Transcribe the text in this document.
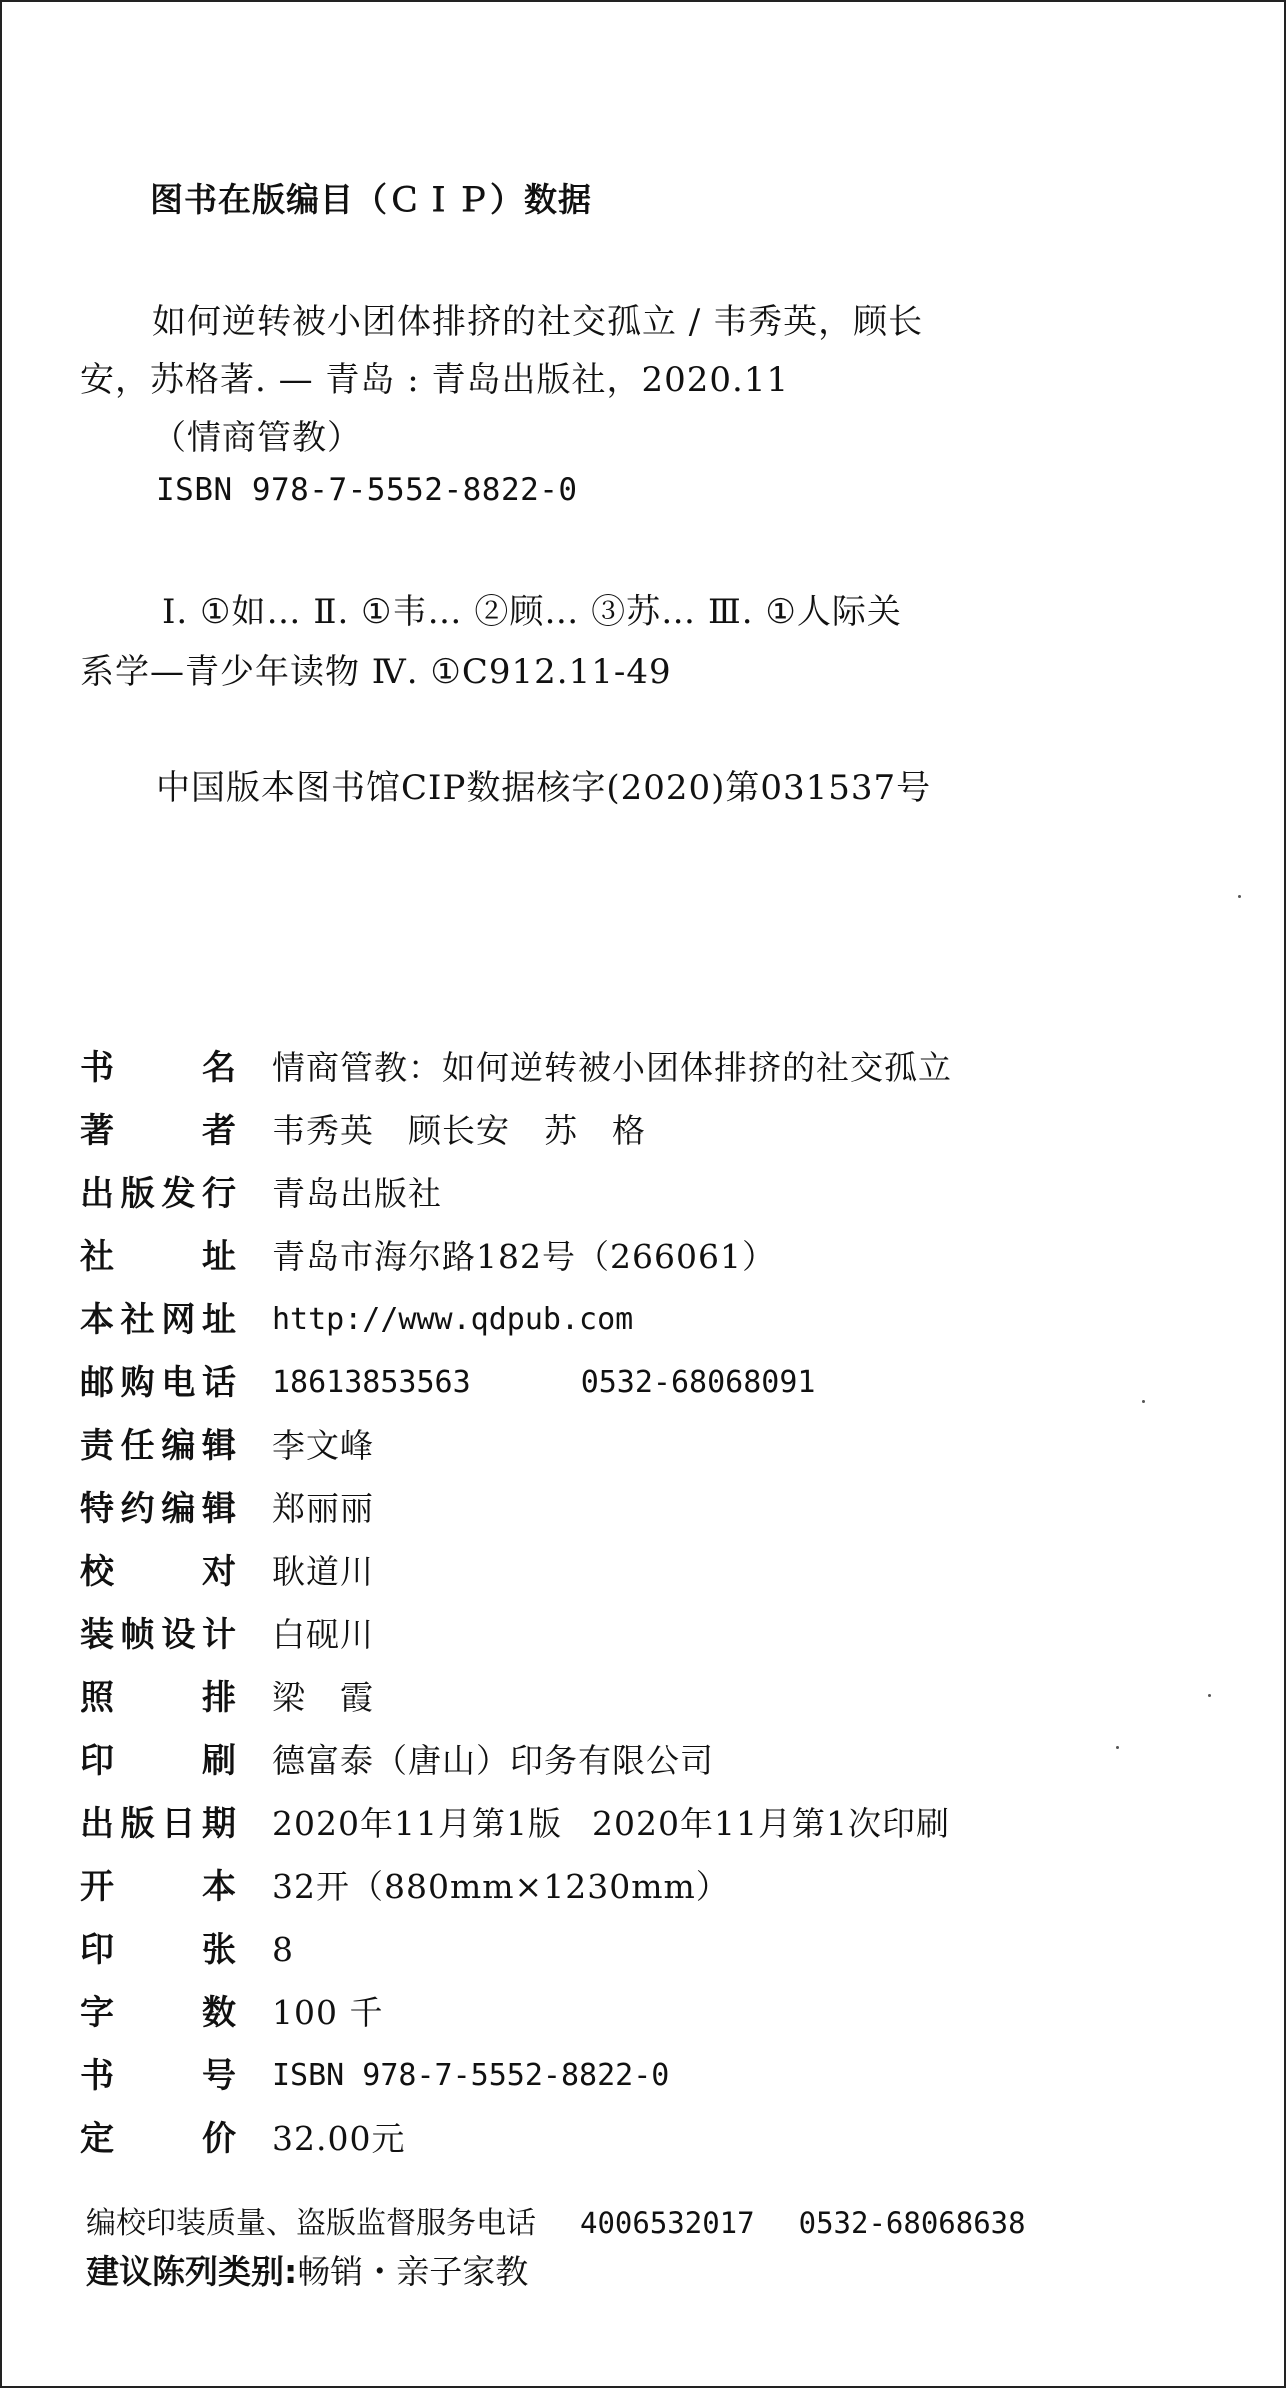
图书在版编目（ＣＩＰ）数据
如何逆转被小团体排挤的社交孤立 / 韦秀英，顾长
安，苏格著. — 青岛 : 青岛出版社，2020.11
（情商管教）
ISBN 978-7-5552-8822-0
Ⅰ. ①如… Ⅱ. ①韦… ②顾… ③苏… Ⅲ. ①人际关
系学—青少年读物 Ⅳ. ①C912.11-49
中国版本图书馆CIP数据核字(2020)第031537号
书名 情商管教：如何逆转被小团体排挤的社交孤立
著者 韦秀英　顾长安　苏　格
出版发行 青岛出版社
社址 青岛市海尔路182号（266061）
本社网址 http://www.qdpub.com
邮购电话 18613853563	0532-68068091
责任编辑 李文峰
特约编辑 郑丽丽
校对 耿道川
装帧设计 白砚川
照排 梁　霞
印刷 德富泰（唐山）印务有限公司
出版日期 2020年11月第1版 2020年11月第1次印刷
开本 32开（880mm×1230mm）
印张 8
字数 100 千
书号 ISBN 978-7-5552-8822-0
定价 32.00元
编校印装质量、盗版监督服务电话 4006532017 0532-68068638
建议陈列类别:畅销・亲子家教
